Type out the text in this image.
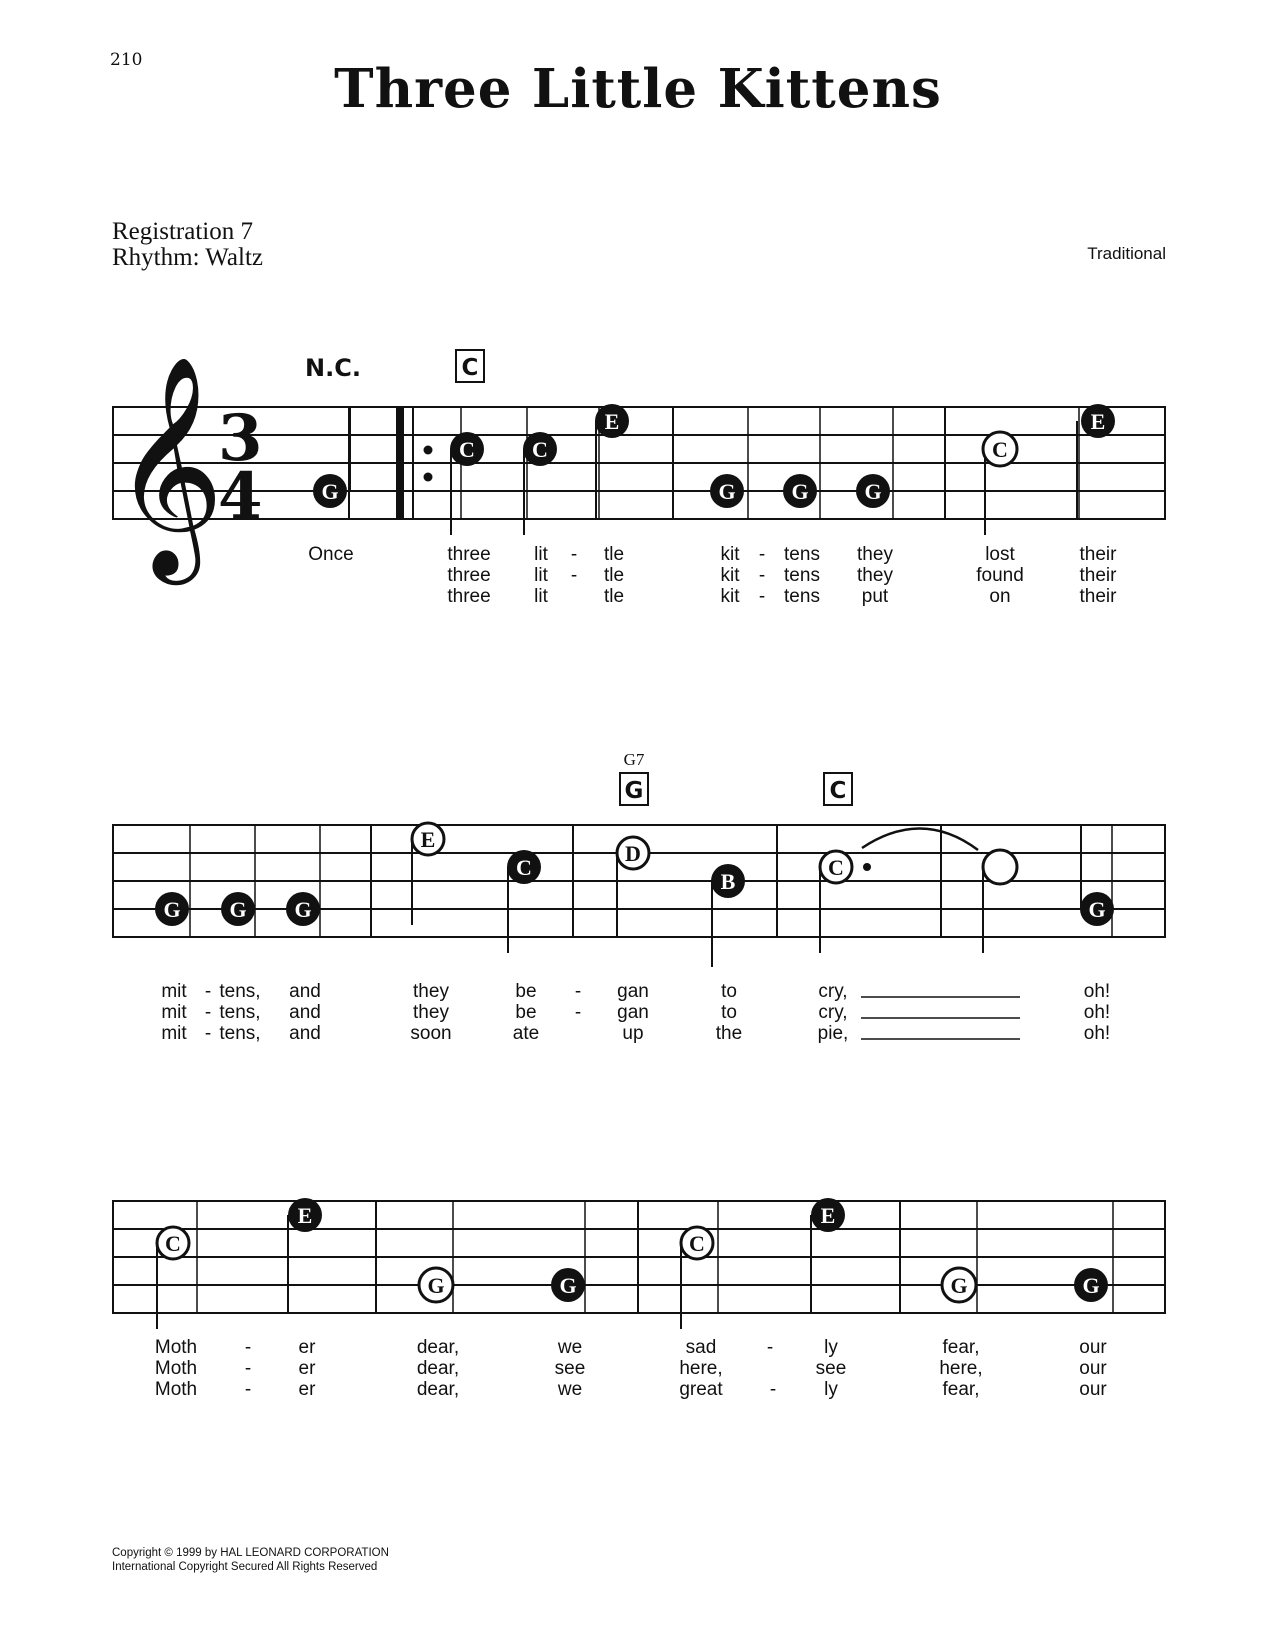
210	Three Little Kittens
Registration 7
Rhythm: Waltz	Traditional
𝄞
3
4
N.C.	C
G
C	C
E
G	G	G
C
E
Once	three lit	tle	kit tens they	lost	their
three lit	tle	kit tens they	found	their
three lit	tle	kit tens put	on	their
-
-
-
-
-
G7
G	C
G G G
E
C
D
B
C
G
mit tens, and	they	be	gan	to	cry,	oh!
mit tens, and	they	be	gan	to	cry,	oh!
mit tens, and	soon	ate	up	the	pie,	oh!
-
-
-
-
-
C
E
G	G
C
E
G	G
Moth	er	dear,	we	sad	ly	fear,	our
Moth	er	dear,	see	here,	see	here,	our
Moth	er	dear,	we	great	ly	fear,	our
-
-
-
-
-
Copyright © 1999 by HAL LEONARD CORPORATION
International Copyright Secured All Rights Reserved
